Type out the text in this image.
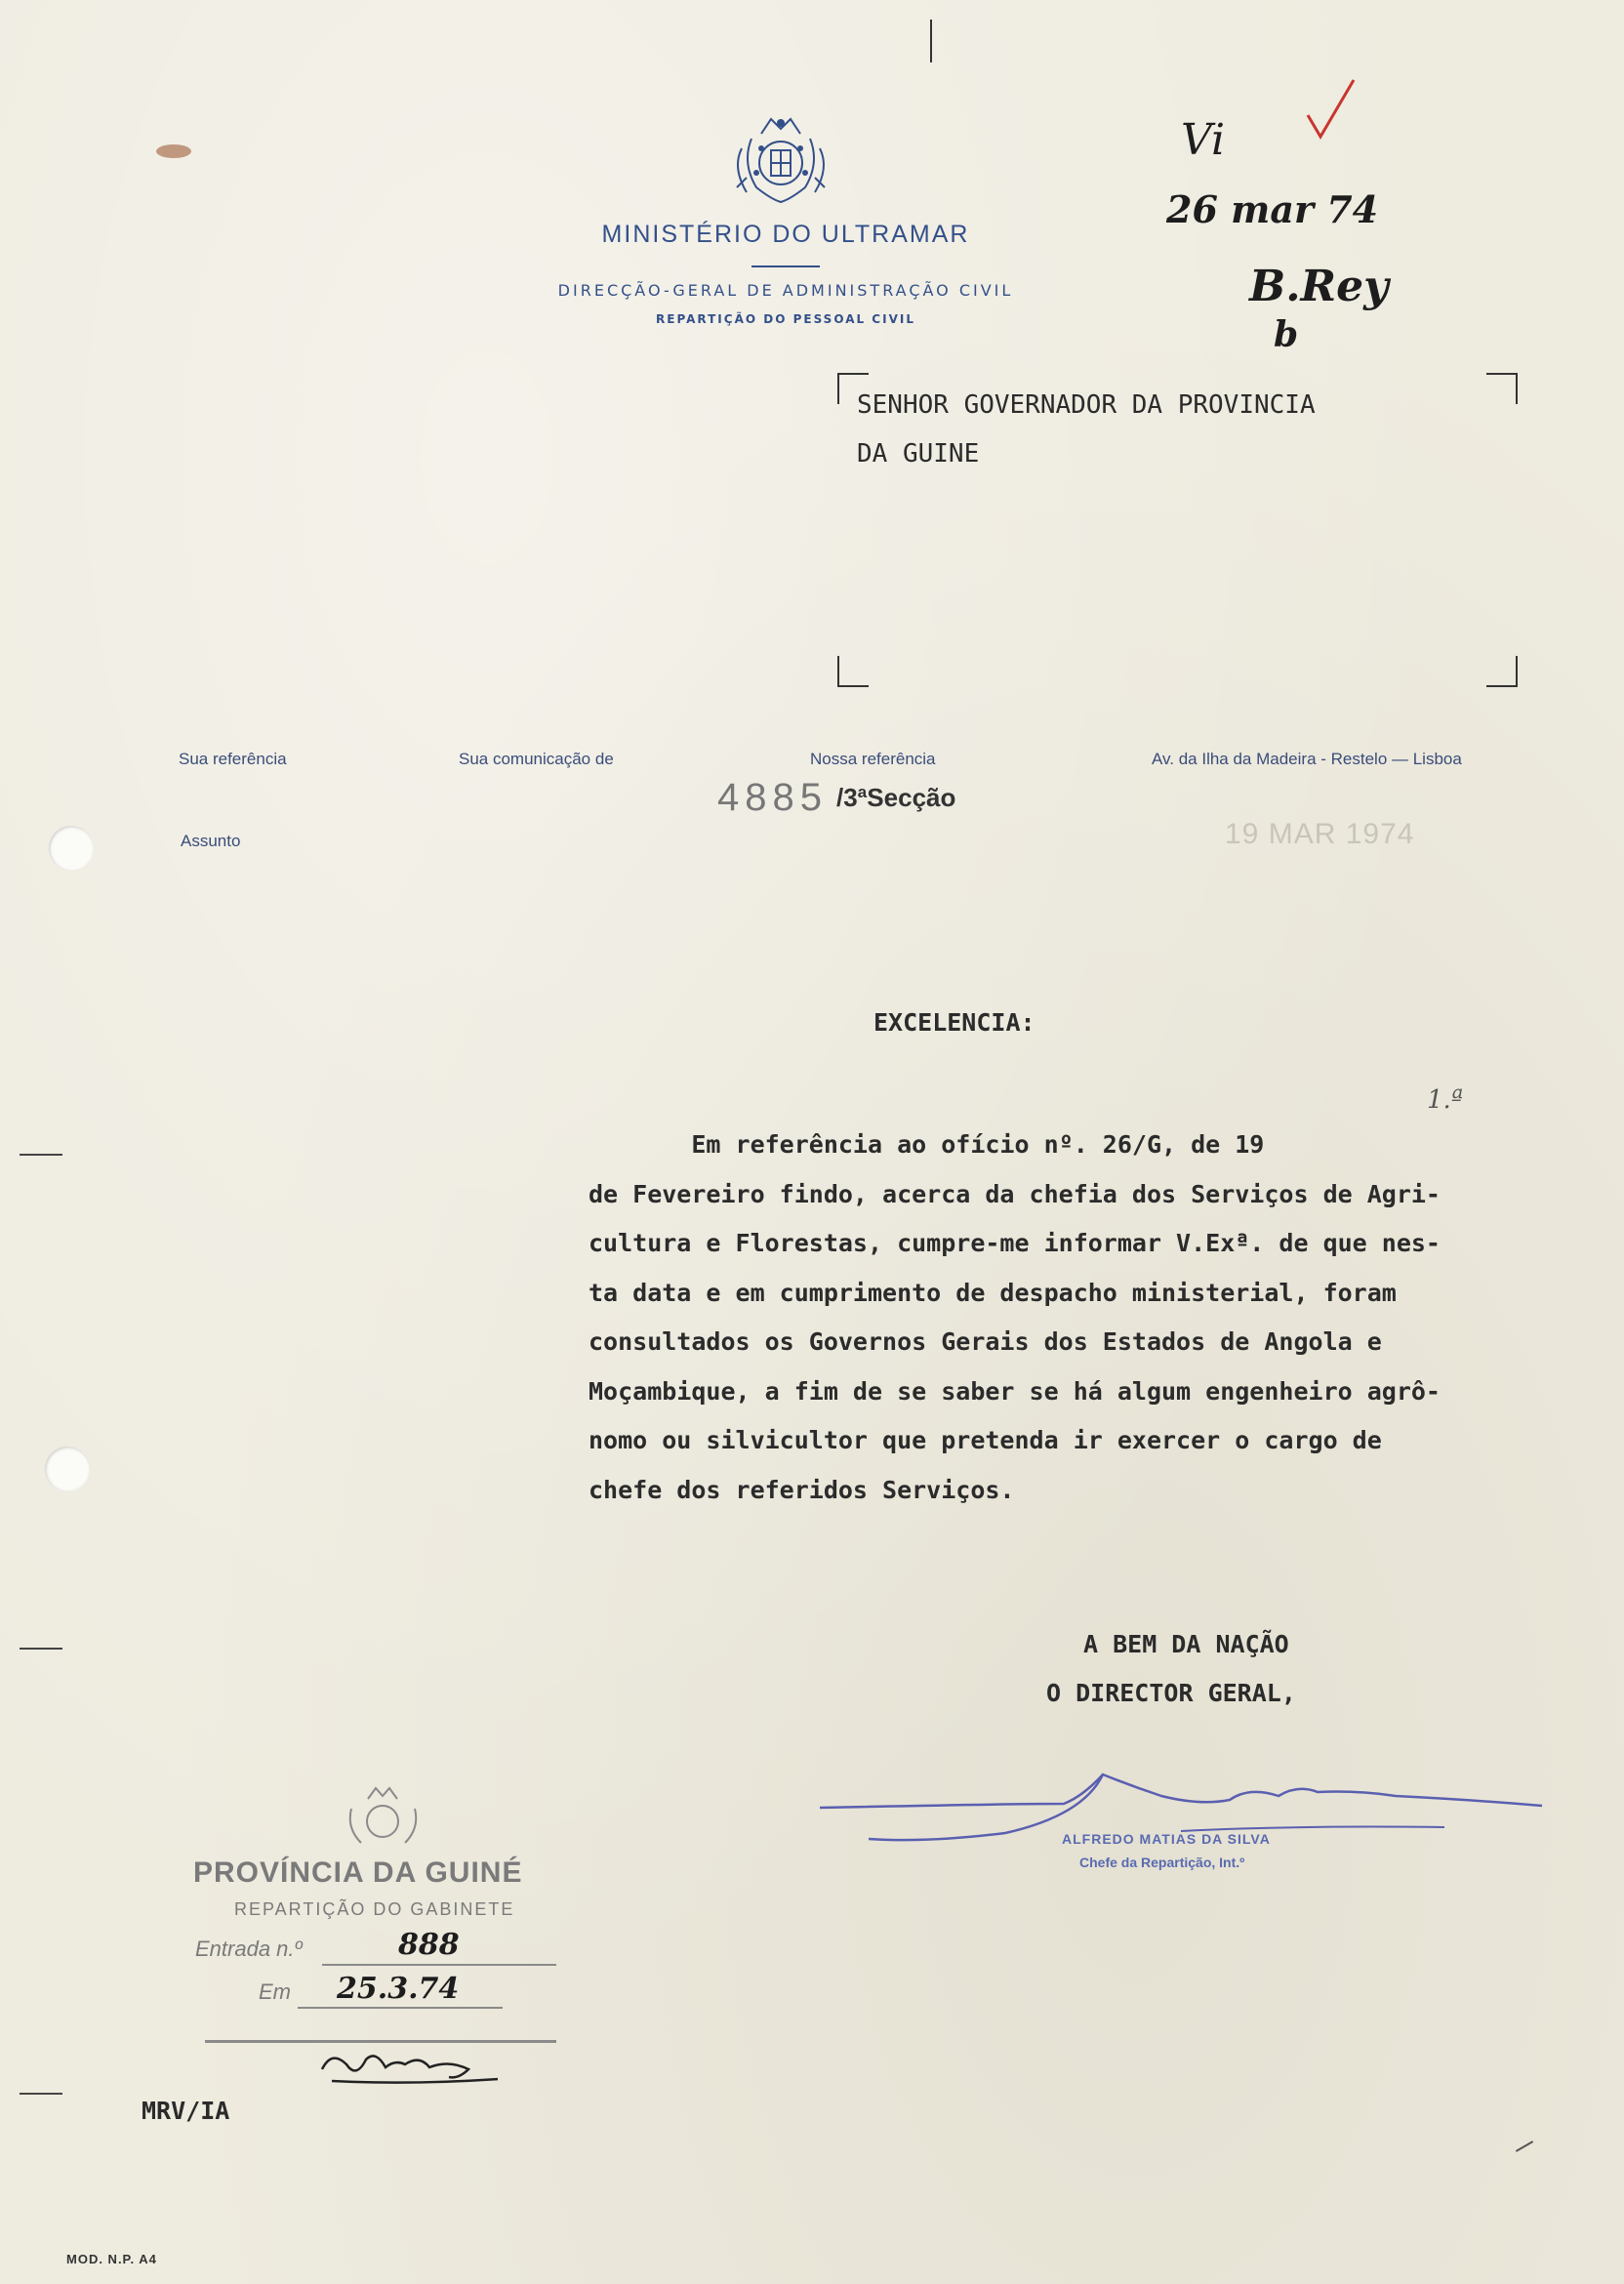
MINISTÉRIO DO ULTRAMAR
DIRECÇÃO-GERAL DE ADMINISTRAÇÃO CIVIL
REPARTIÇÃO DO PESSOAL CIVIL
Vi
26 mar 74
B.Rey
b
SENHOR GOVERNADOR DA PROVINCIA
DA GUINE
Sua referência	Sua comunicação de	Nossa referência	Av. da Ilha da Madeira - Restelo — Lisboa
Assunto
4885 /3ªSecção
19 MAR 1974
EXCELENCIA:
Em referência ao ofício nº. 26/G, de 19
de Fevereiro findo, acerca da chefia dos Serviços de Agri-
cultura e Florestas, cumpre-me informar V.Exª. de que nes-
ta data e em cumprimento de despacho ministerial, foram
consultados os Governos Gerais dos Estados de Angola e
Moçambique, a fim de se saber se há algum engenheiro agrô-
nomo ou silvicultor que pretenda ir exercer o cargo de
chefe dos referidos Serviços.
1.ª
A BEM DA NAÇÃO
O DIRECTOR GERAL,
ALFREDO MATIAS DA SILVA
Chefe da Repartição, Int.º
PROVÍNCIA DA GUINÉ
REPARTIÇÃO DO GABINETE
Entrada n.º	888
Em 25.3.74
MRV/IA
MOD. N.P. A4
